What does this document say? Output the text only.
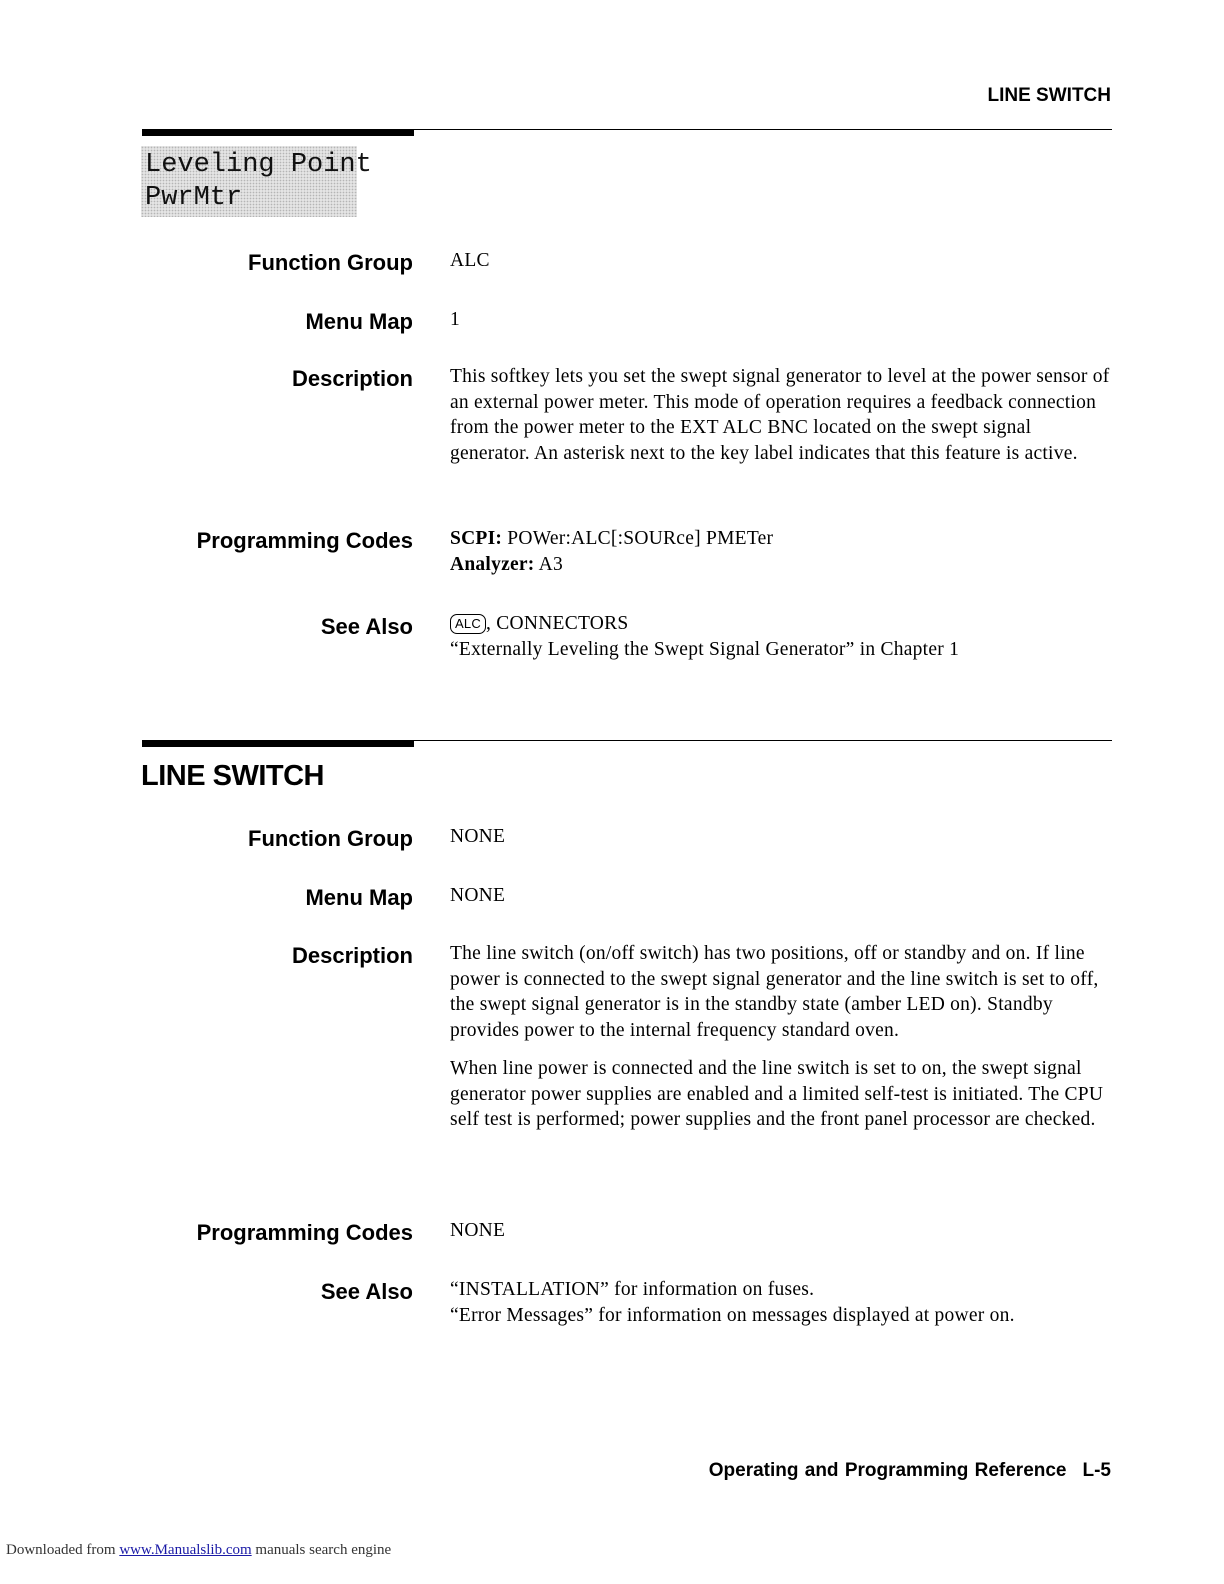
LINE SWITCH
Leveling Point
PwrMtr
Function Group ALC
Menu Map 1
Description This softkey lets you set the swept signal generator to level at the power sensor of an external power meter. This mode of operation requires a feedback connection from the power meter to the EXT ALC BNC located on the swept signal generator. An asterisk next to the key label indicates that this feature is active.
Programming Codes SCPI: POWer:ALC[:SOURce] PMETer
Analyzer: A3
See Also	ALC , CONNECTORS
“Externally Leveling the Swept Signal Generator” in Chapter 1
LINE SWITCH
Function Group NONE
Menu Map NONE
Description The line switch (on/off switch) has two positions, off or standby and on. If line power is connected to the swept signal generator and the line switch is set to off, the swept signal generator is in the standby state (amber LED on). Standby provides power to the internal frequency standard oven.

When line power is connected and the line switch is set to on, the swept signal generator power supplies are enabled and a limited self-test is initiated. The CPU self test is performed; power supplies and the front panel processor are checked.

Programming Codes NONE
See Also “INSTALLATION” for information on fuses.
“Error Messages” for information on messages displayed at power on.
Operating and Programming Reference L-5
Downloaded from www.Manualslib.com manuals search engine
